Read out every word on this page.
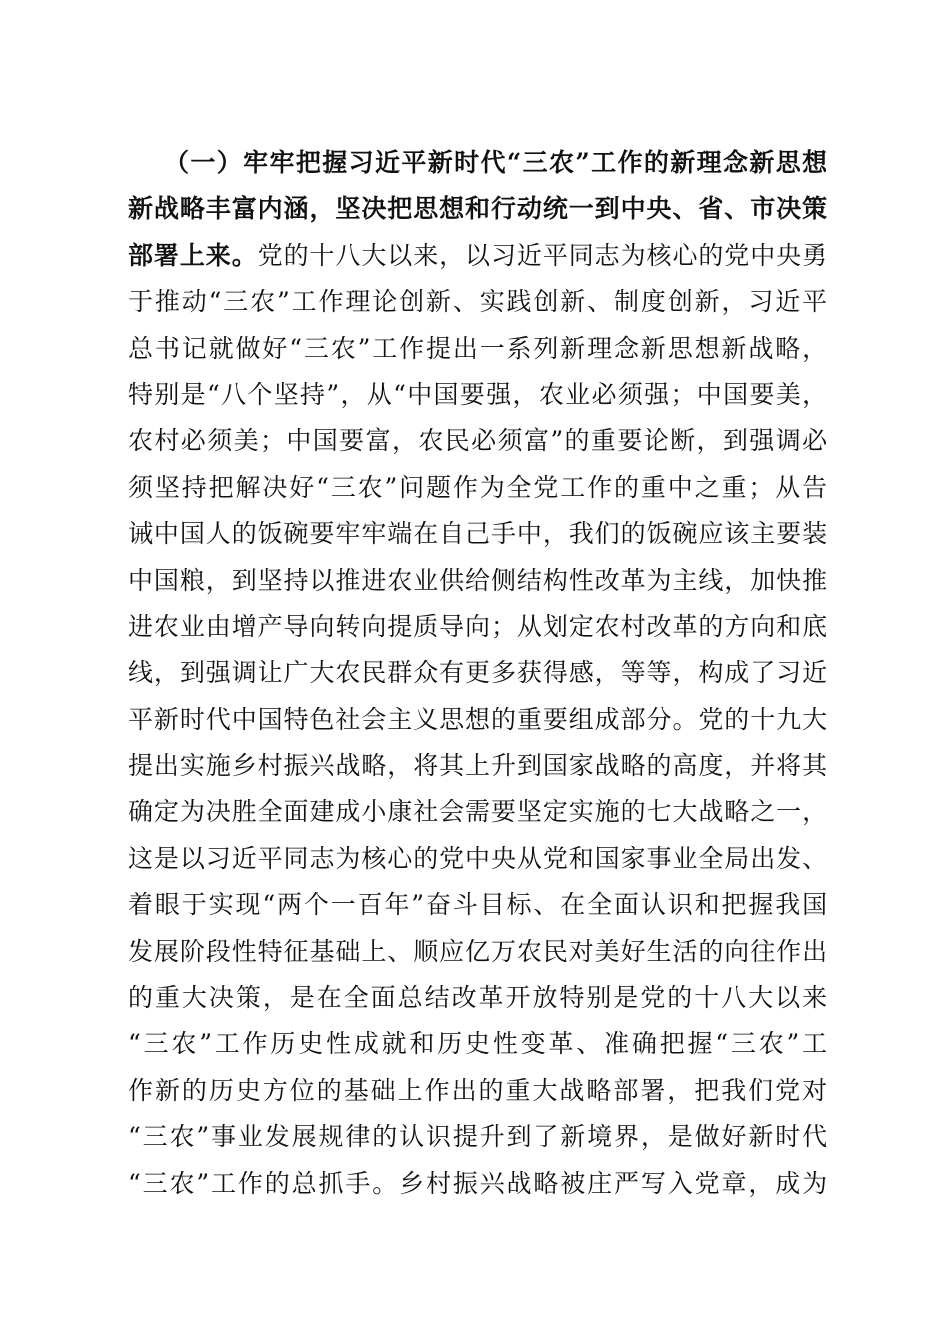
（一）牢牢把握习近平新时代“三农”工作的新理念新思想
新战略丰富内涵，坚决把思想和行动统一到中央、省、市决策
部署上来。党的十八大以来，以习近平同志为核心的党中央勇
于推动“三农”工作理论创新、实践创新、制度创新，习近平
总书记就做好“三农”工作提出一系列新理念新思想新战略，
特别是“八个坚持”，从“中国要强，农业必须强；中国要美，
农村必须美；中国要富，农民必须富”的重要论断，到强调必
须坚持把解决好“三农”问题作为全党工作的重中之重；从告
诫中国人的饭碗要牢牢端在自己手中，我们的饭碗应该主要装
中国粮，到坚持以推进农业供给侧结构性改革为主线，加快推
进农业由增产导向转向提质导向；从划定农村改革的方向和底
线，到强调让广大农民群众有更多获得感，等等，构成了习近
平新时代中国特色社会主义思想的重要组成部分。党的十九大
提出实施乡村振兴战略，将其上升到国家战略的高度，并将其
确定为决胜全面建成小康社会需要坚定实施的七大战略之一，
这是以习近平同志为核心的党中央从党和国家事业全局出发、
着眼于实现“两个一百年”奋斗目标、在全面认识和把握我国
发展阶段性特征基础上、顺应亿万农民对美好生活的向往作出
的重大决策，是在全面总结改革开放特别是党的十八大以来
“三农”工作历史性成就和历史性变革、准确把握“三农”工
作新的历史方位的基础上作出的重大战略部署，把我们党对
“三农”事业发展规律的认识提升到了新境界，是做好新时代
“三农”工作的总抓手。乡村振兴战略被庄严写入党章，成为
